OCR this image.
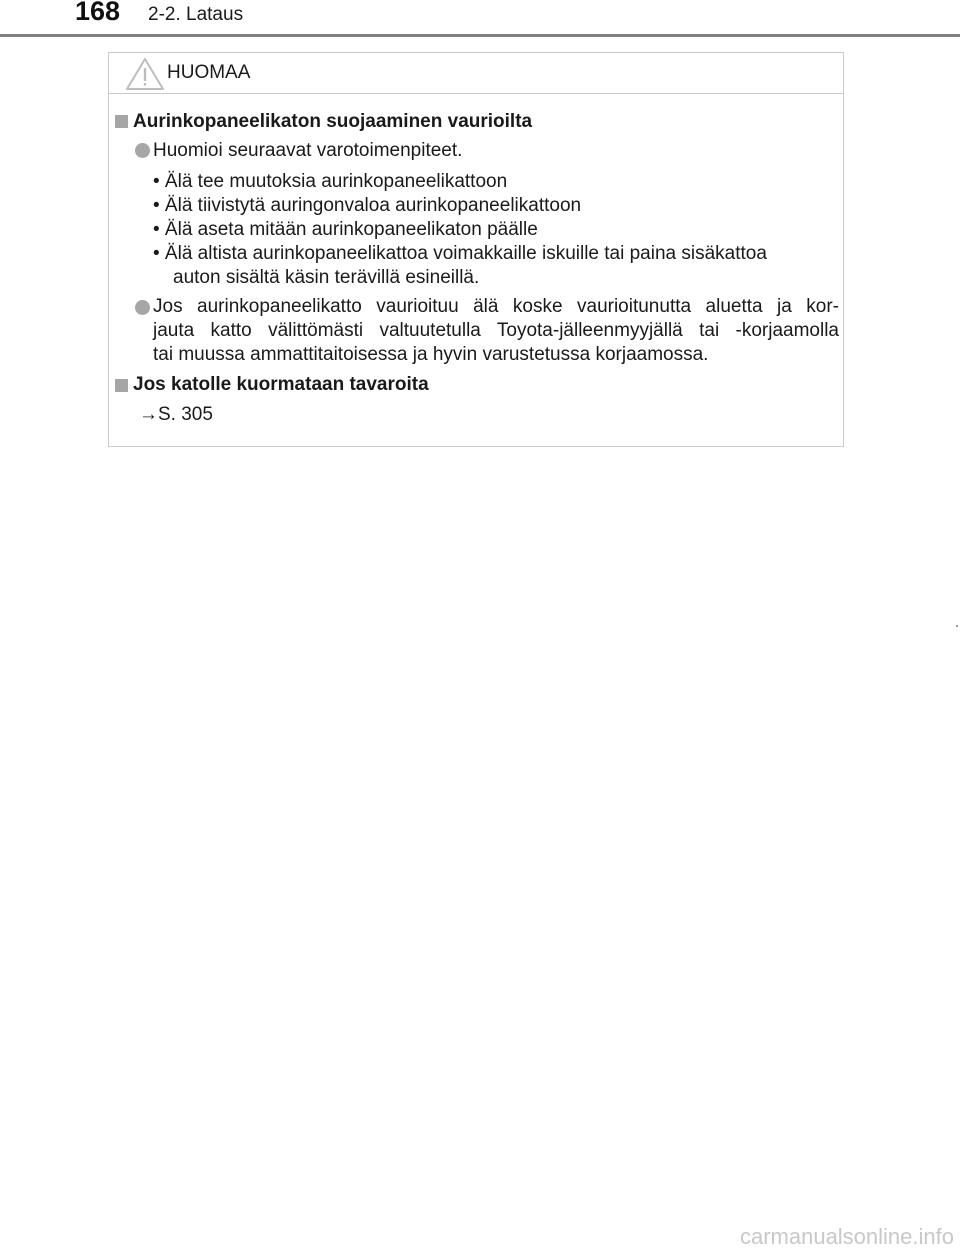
168 2-2. Lataus
HUOMAA
Aurinkopaneelikaton suojaaminen vaurioilta
Huomioi seuraavat varotoimenpiteet.
• Älä tee muutoksia aurinkopaneelikattoon
• Älä tiivistytä auringonvaloa aurinkopaneelikattoon
• Älä aseta mitään aurinkopaneelikaton päälle
• Älä altista aurinkopaneelikattoa voimakkaille iskuille tai paina sisäkattoa
auton sisältä käsin terävillä esineillä.
Jos aurinkopaneelikatto vaurioituu älä koske vaurioitunutta aluetta ja kor-
jauta katto välittömästi valtuutetulla Toyota-jälleenmyyjällä tai -korjaamolla
tai muussa ammattitaitoisessa ja hyvin varustetussa korjaamossa.
Jos katolle kuormataan tavaroita
→S. 305
carmanualsonline.info
